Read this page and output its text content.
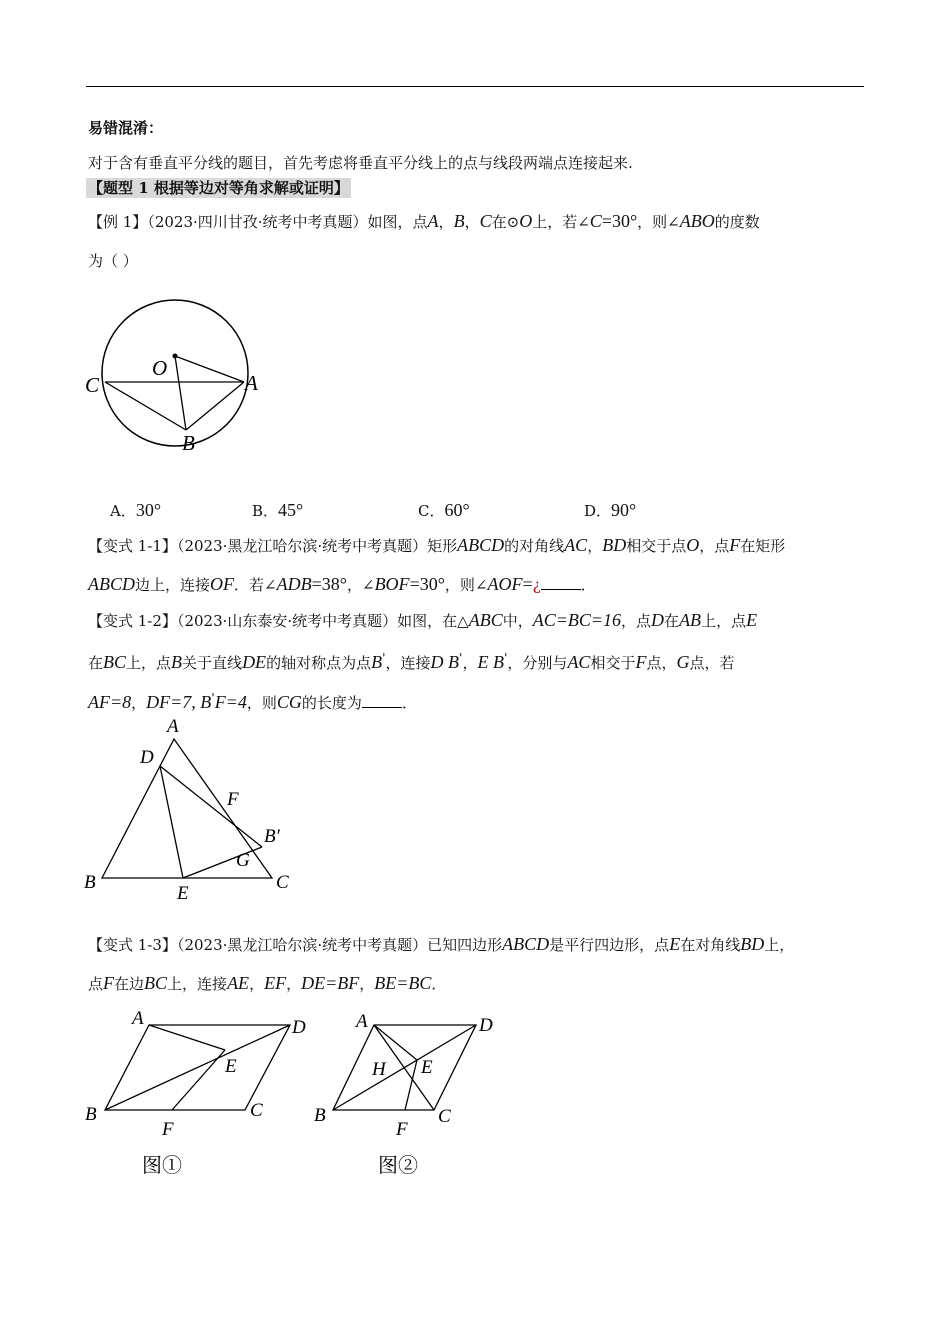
易错混淆：
对于含有垂直平分线的题目，首先考虑将垂直平分线上的点与线段两端点连接起来.
【题型 1 根据等边对等角求解或证明】
【例 1】（2023·四川甘孜·统考中考真题）如图，点A，B，C在⊙O上，若∠C=30°，则∠ABO的度数
为（ ）
O
C	A
B
A．30°	B．45°	C．60°	D．90°
【变式 1-1】（2023·黑龙江哈尔滨·统考中考真题）矩形ABCD的对角线AC，BD相交于点O，点F在矩形
ABCD边上，连接OF．若∠ADB=38°，∠BOF=30°，则∠AOF=¿	．
【变式 1-2】（2023·山东泰安·统考中考真题）如图，在△ABC中，AC=BC=16，点D在AB上，点E
在BC上，点B关于直线DE的轴对称点为点B'，连接D B'，E B'，分别与AC相交于F点，G点，若
AF=8，DF=7, B'F=4，则CG的长度为	．
A
D
F
B′
G
B
E
C
【变式 1-3】（2023·黑龙江哈尔滨·统考中考真题）已知四边形ABCD是平行四边形，点E在对角线BD上，
点F在边BC上，连接AE，EF，DE=BF，BE=BC．
A	D
E
B	C
F
图①
A	D
H E
B	C
F
图②
